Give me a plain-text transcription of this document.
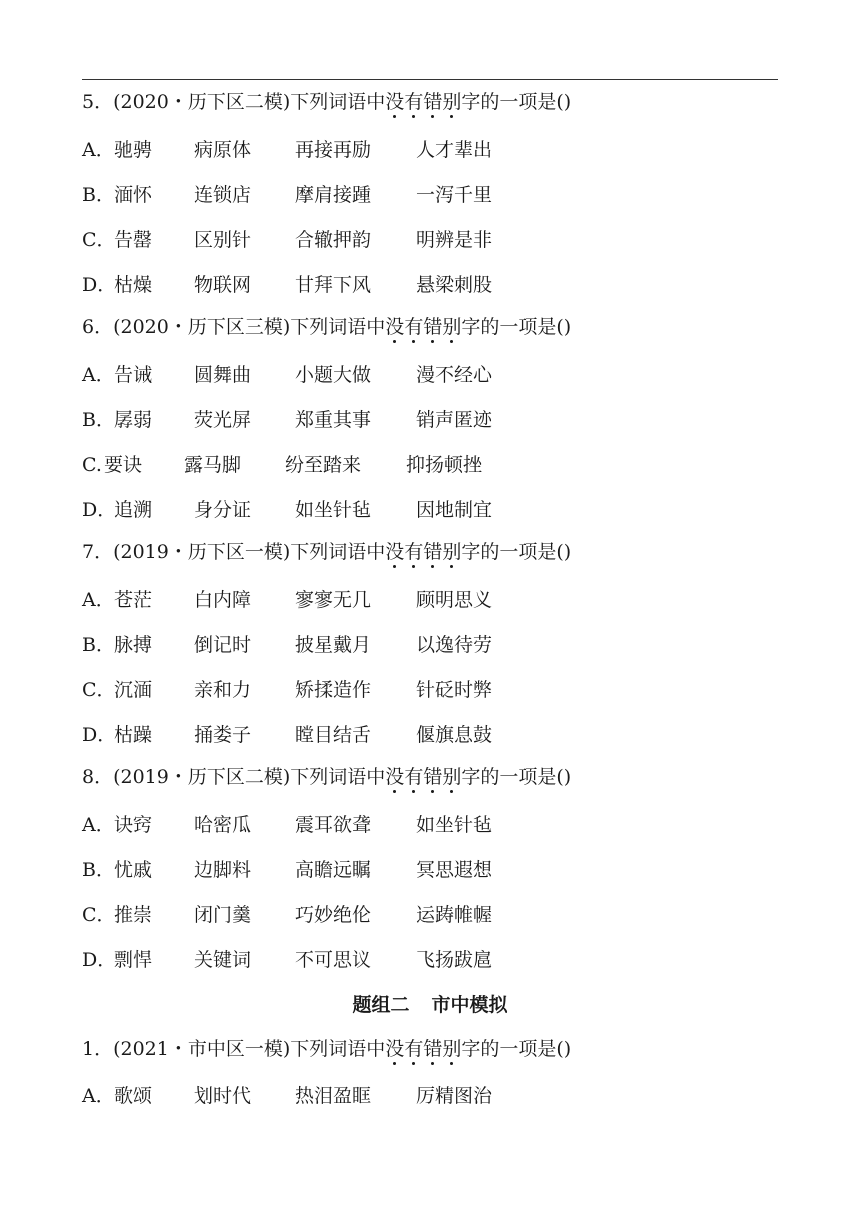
5．(2020・历下区二模)下列词语中没有错别字的一项是()
A． 驰骋 病原体 再接再励 人才辈出
B． 湎怀 连锁店 摩肩接踵 一泻千里
C．
告罄 区别针 合辙押韵 明辨是非
D．
枯燥 物联网 甘拜下风 悬梁刺股
6．(2020・历下区三模)下列词语中没有错别字的一项是()
A． 告诫 圆舞曲 小题大做 漫不经心
B． 孱弱 荧光屏 郑重其事 销声匿迹
C. 要诀 露马脚 纷至踏来 抑扬顿挫
D．
追溯 身分证 如坐针毡 因地制宜
7．(2019・历下区一模)下列词语中没有错别字的一项是()
A． 苍茫 白内障 寥寥无几 顾明思义
B． 脉搏 倒记时 披星戴月 以逸待劳
C．
沉湎 亲和力 矫揉造作 针砭时弊
D．
枯躁 捅娄子 瞠目结舌 偃旗息鼓
8．(2019・历下区二模)下列词语中没有错别字的一项是()
A． 诀窍 哈密瓜 震耳欲聋 如坐针毡
B． 忧戚 边脚料 高瞻远瞩 冥思遐想
C．
推崇 闭门羹 巧妙绝伦 运踌帷幄
D．
剽悍 关键词 不可思议 飞扬跋扈
题组二 市中模拟
1．(2021・市中区一模)下列词语中没有错别字的一项是()
A． 歌颂 划时代 热泪盈眶 厉精图治
